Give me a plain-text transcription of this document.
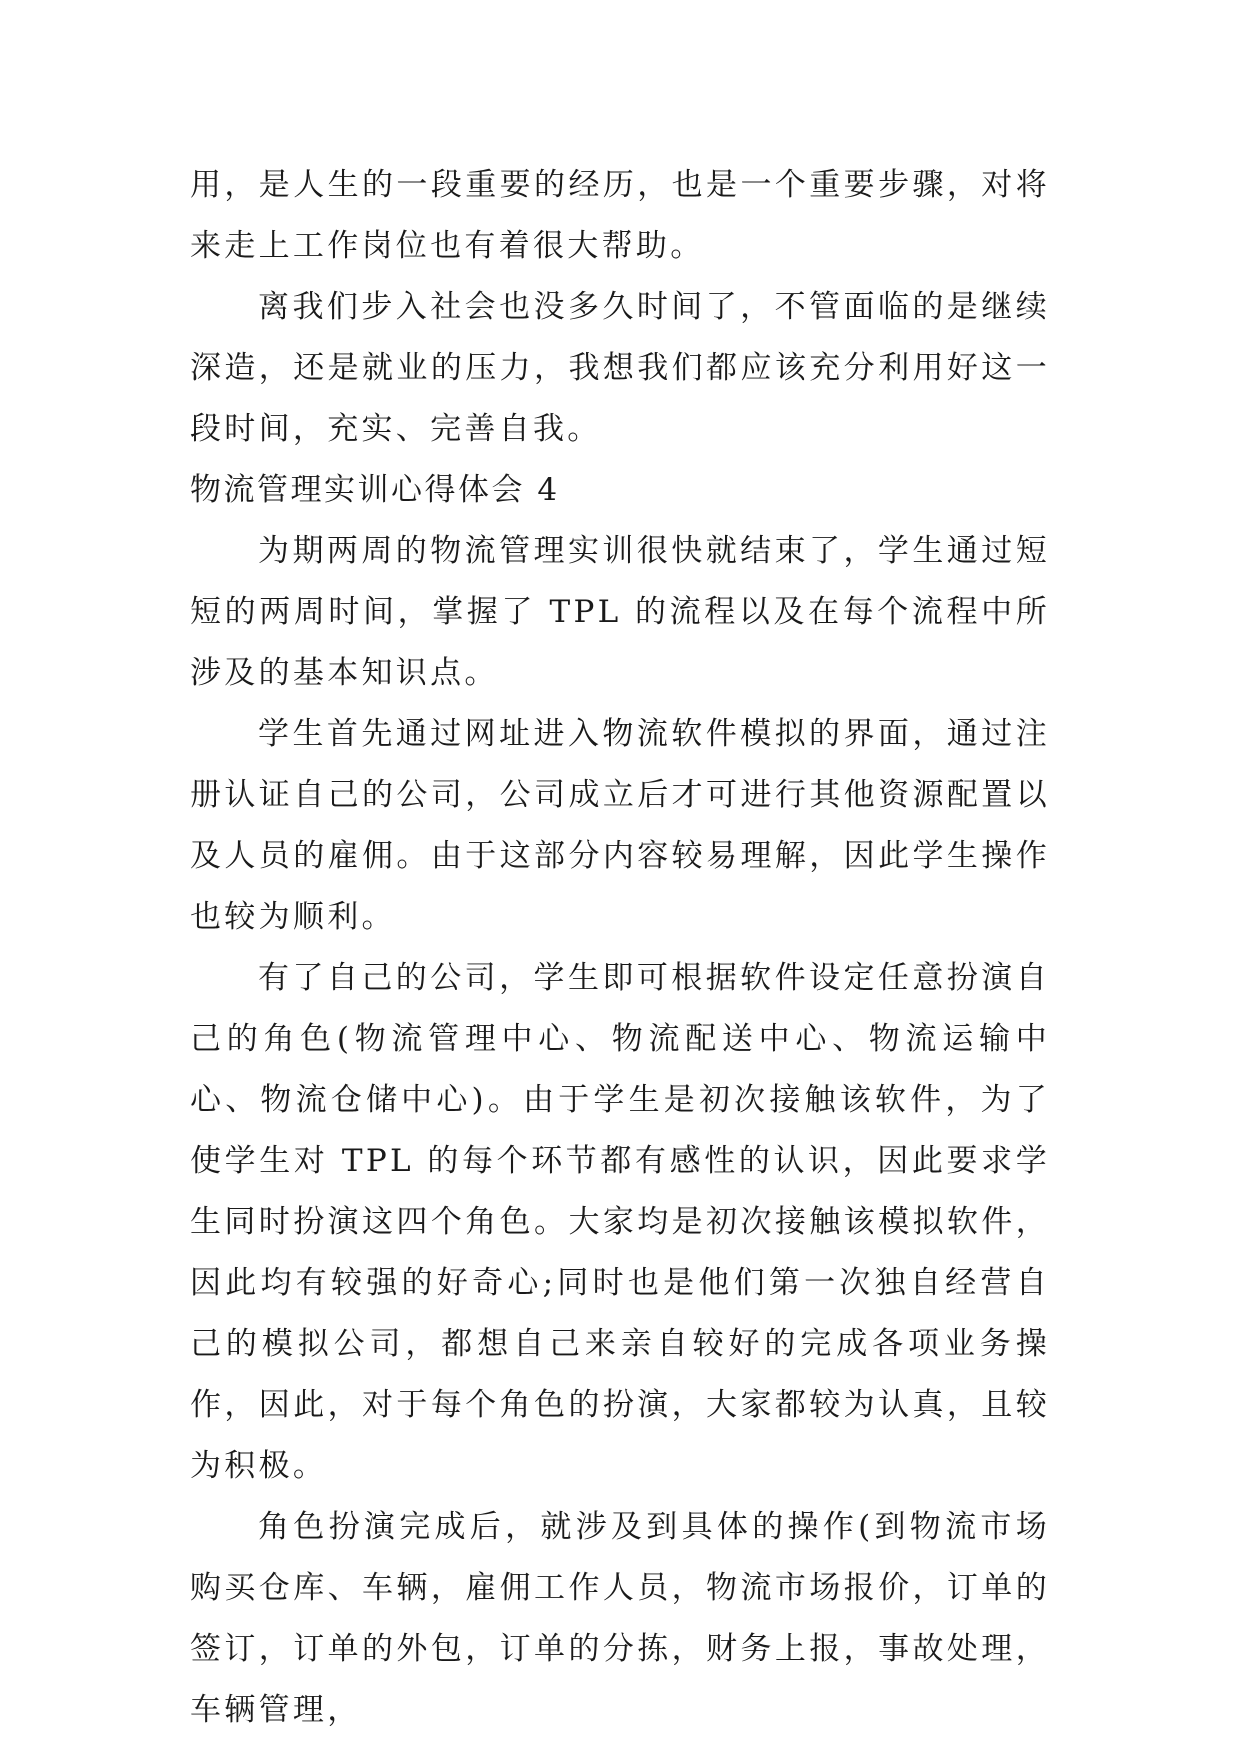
用，是人生的一段重要的经历，也是一个重要步骤，对将来走上工作岗位也有着很大帮助。

离我们步入社会也没多久时间了，不管面临的是继续深造，还是就业的压力，我想我们都应该充分利用好这一段时间，充实、完善自我。

物流管理实训心得体会 4

为期两周的物流管理实训很快就结束了，学生通过短短的两周时间，掌握了 TPL 的流程以及在每个流程中所涉及的基本知识点。

学生首先通过网址进入物流软件模拟的界面，通过注册认证自己的公司，公司成立后才可进行其他资源配置以及人员的雇佣。由于这部分内容较易理解，因此学生操作也较为顺利。

有了自己的公司，学生即可根据软件设定任意扮演自己的角色(物流管理中心、物流配送中心、物流运输中心、物流仓储中心)。由于学生是初次接触该软件，为了使学生对 TPL 的每个环节都有感性的认识，因此要求学生同时扮演这四个角色。大家均是初次接触该模拟软件，因此均有较强的好奇心;同时也是他们第一次独自经营自己的模拟公司，都想自己来亲自较好的完成各项业务操作，因此，对于每个角色的扮演，大家都较为认真，且较为积极。

角色扮演完成后，就涉及到具体的操作(到物流市场购买仓库、车辆，雇佣工作人员，物流市场报价，订单的签订，订单的外包，订单的分拣，财务上报，事故处理，车辆管理，
